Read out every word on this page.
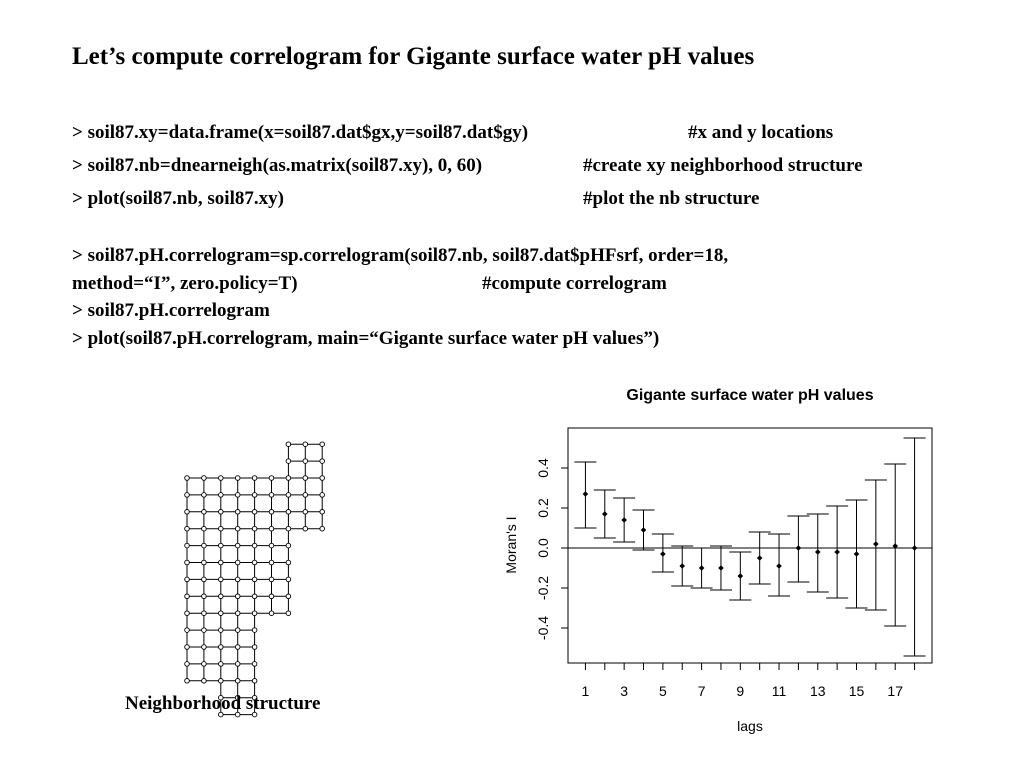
Let’s compute correlogram for Gigante surface water pH values
> soil87.xy=data.frame(x=soil87.dat$gx,y=soil87.dat$gy)	#x and y locations
> soil87.nb=dnearneigh(as.matrix(soil87.xy), 0, 60)	#create xy neighborhood structure
> plot(soil87.nb, soil87.xy)	#plot the nb structure
> soil87.pH.correlogram=sp.correlogram(soil87.nb, soil87.dat$pHFsrf, order=18,
method=“I”, zero.policy=T)	#compute correlogram
> soil87.pH.correlogram
> plot(soil87.pH.correlogram, main=“Gigante surface water pH values”)
Neighborhood structure
Gigante surface water pH values
1 3 5 7 9 11 13 15 17
-0.4
-0.2
0.0
0.2
0.4
lags
Moran's I
